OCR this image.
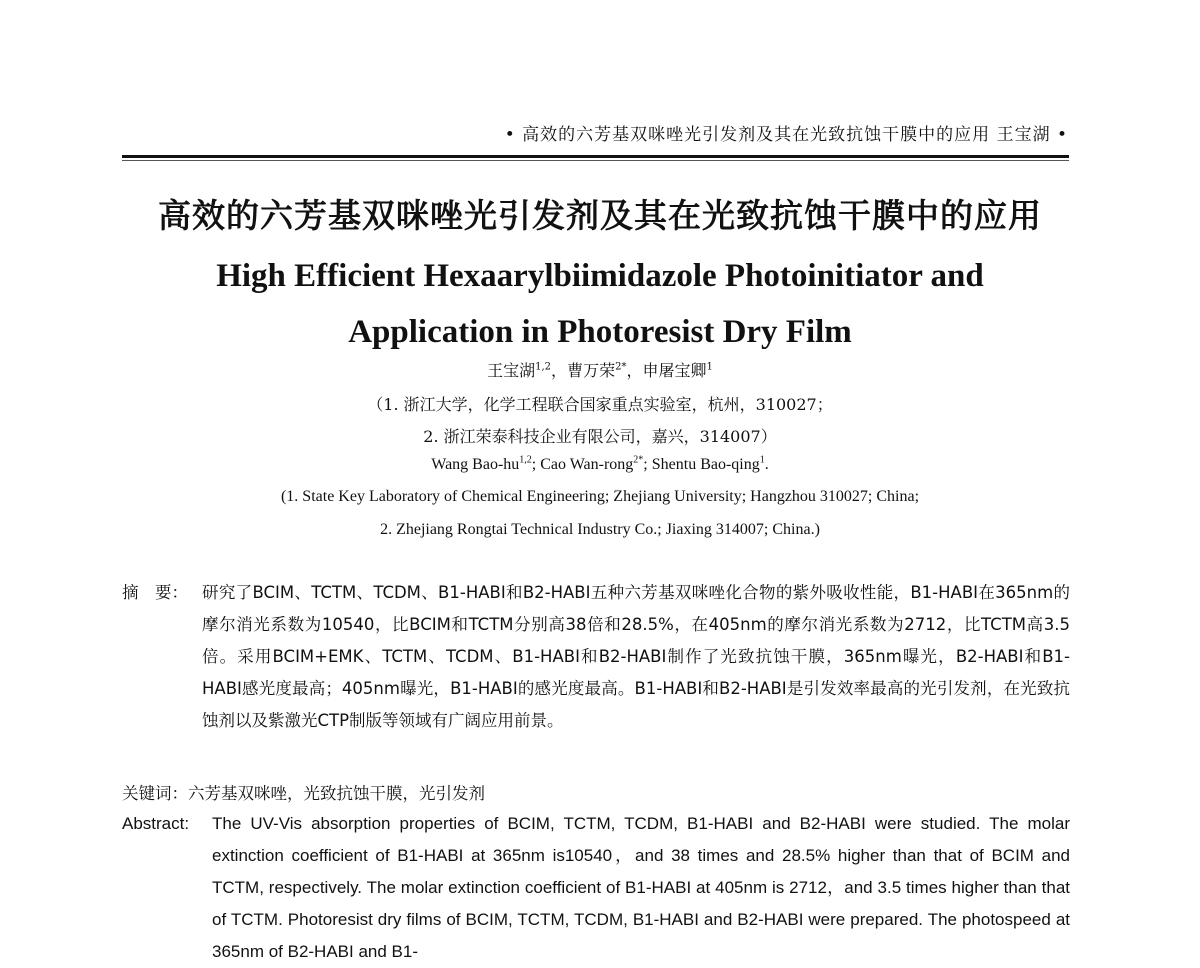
• 高效的六芳基双咪唑光引发剂及其在光致抗蚀干膜中的应用 王宝湖 •
高效的六芳基双咪唑光引发剂及其在光致抗蚀干膜中的应用
High Efficient Hexaarylbiimidazole Photoinitiator and
Application in Photoresist Dry Film
王宝湖$^{1,2}$，曹万荣$^{2*}$，申屠宝卿$^1$
（1. 浙江大学，化学工程联合国家重点实验室，杭州，310027；
2. 浙江荣泰科技企业有限公司，嘉兴，314007）
Wang Bao-hu$^{1,2}$; Cao Wan-rong$^{2*}$; Shentu Bao-qing$^1$.
(1. State Key Laboratory of Chemical Engineering; Zhejiang University; Hangzhou 310027; China;
2. Zhejiang Rongtai Technical Industry Co.; Jiaxing 314007; China.)
摘　要： 研究了BCIM、TCTM、TCDM、B1-HABI和B2-HABI五种六芳基双咪唑化合物的紫外吸收性能，B1-HABI在365nm的摩尔消光系数为10540，比BCIM和TCTM分别高38倍和28.5%，在405nm的摩尔消光系数为2712，比TCTM高3.5倍。采用BCIM+EMK、TCTM、TCDM、B1-HABI和B2-HABI制作了光致抗蚀干膜，365nm曝光，B2-HABI和B1-HABI感光度最高；405nm曝光，B1-HABI的感光度最高。B1-HABI和B2-HABI是引发效率最高的光引发剂，在光致抗蚀剂以及紫激光CTP制版等领域有广阔应用前景。
关键词： 六芳基双咪唑，光致抗蚀干膜，光引发剂
Abstract:	The UV-Vis absorption properties of BCIM, TCTM, TCDM, B1-HABI and B2-HABI were studied. The molar extinction coefficient of B1-HABI at 365nm is10540，and 38 times and 28.5% higher than that of BCIM and TCTM, respectively. The molar extinction coefficient of B1-HABI at 405nm is 2712，and 3.5 times higher than that of TCTM. Photoresist dry films of BCIM, TCTM, TCDM, B1-HABI and B2-HABI were prepared. The photospeed at 365nm of B2-HABI and B1-
